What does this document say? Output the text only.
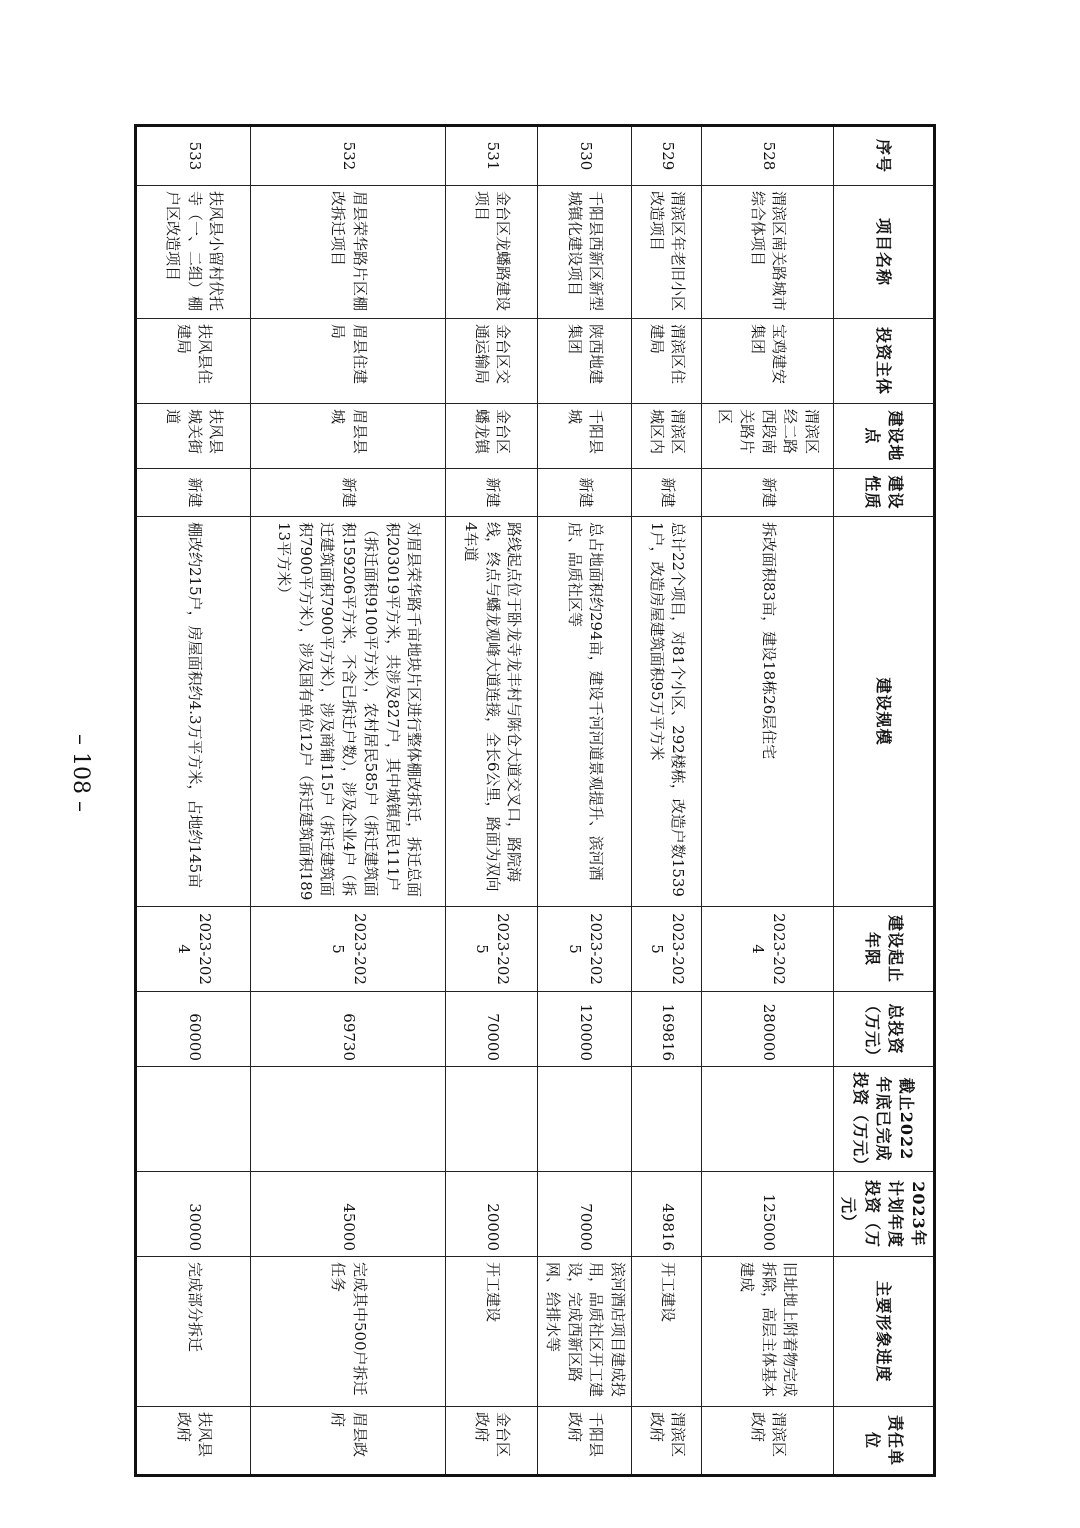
– 108 –
序号	项目名称	投资主体	建设地点	建设性质	建设规模	建设起止年限	总投资（万元）	截止2022年底已完成投资（万元）	2023年计划年度投资（万元）	主要形象进度	责任单位
528	渭滨区南关路城市综合体项目	宝鸡建安集团	渭滨区经二路西段南关路片区	新建	拆改面积83亩，建设18栋26层住宅	2023-2024	280000		125000	旧址地上附着物完成拆除，高层主体基本建成	渭滨区政府
529	渭滨区年老旧小区改造项目	渭滨区住建局	渭滨区城区内	新建	总计22个项目，对81个小区、292楼栋，改造户数15391户，改造房屋建筑面积95万平方米	2023-2025	169816		49816	开工建设	渭滨区政府
530	千阳县西新区新型城镇化建设项目	陕西地建集团	千阳县城	新建	总占地面积约294亩，建设千河河道景观提升、滨河酒店、品质社区等	2023-2025	120000		70000	滨河酒店项目建成投用，品质社区开工建设，完成西新区路网、给排水等	千阳县政府
531	金台区龙蟠路建设项目	金台区交通运输局	金台区蟠龙镇	新建	路线起点位于卧龙寺龙丰村与陈仓大道交叉口，路院海线，终点与蟠龙观峰大道连接，全长6公里，路面为双向4车道	2023-2025	70000		20000	开工建设	金台区政府
532	眉县荣华路片区棚改拆迁项目	眉县住建局	眉县县城	新建	对眉县荣华路千亩地块片区进行整体棚改拆迁，拆迁总面积203019平方米，共涉及827户，其中城镇居民111户（拆迁面积9100平方米），农村居民585户（拆迁建筑面积159206平方米，不含已拆迁户数），涉及企业4户（拆迁建筑面积7900平方米），涉及商铺115户（拆迁建筑面积7900平方米），涉及国有单位12户（拆迁建筑面积18913平方米）	2023-2025	69730		45000	完成其中500户拆迁任务	眉县政府
533	扶风县小留村伏托寺（一、二组）棚户区改造项目	扶风县住建局	扶风县城关街道	新建	棚改约215户，房屋面积约4.3万平方米，占地约145亩	2023-2024	60000		30000	完成部分拆迁	扶风县政府
